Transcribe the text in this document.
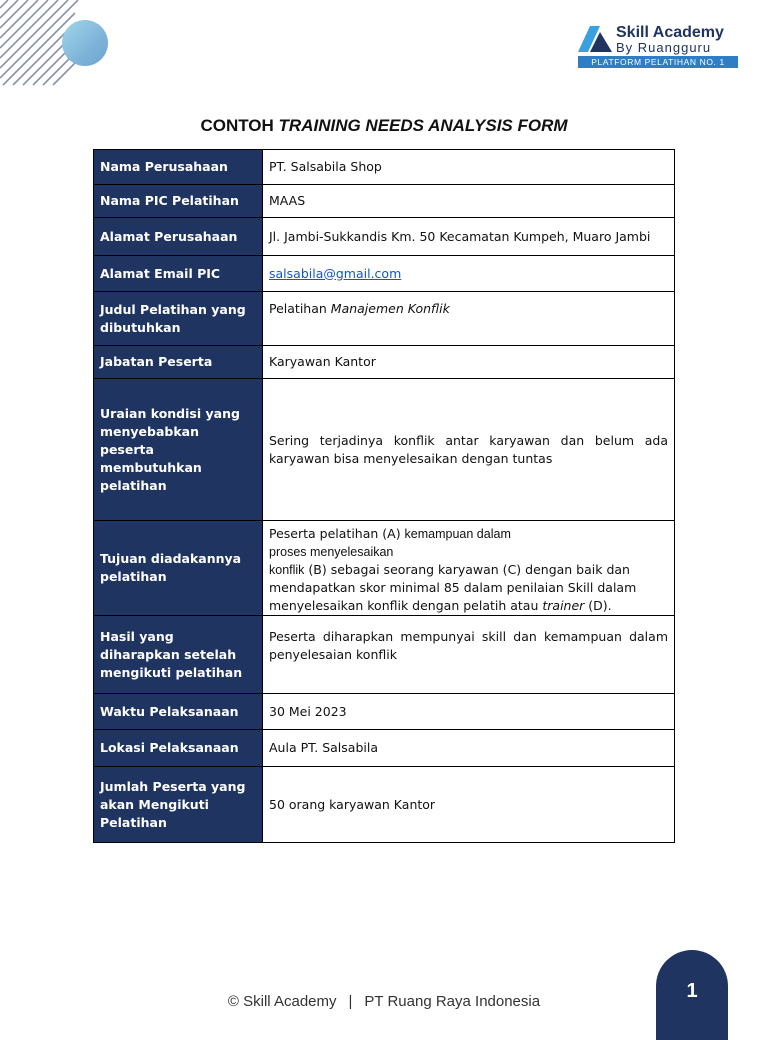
Skill Academy
By Ruangguru
PLATFORM PELATIHAN NO. 1
CONTOH TRAINING NEEDS ANALYSIS FORM
Nama Perusahaan	PT. Salsabila Shop
Nama PIC Pelatihan	MAAS
Alamat Perusahaan	Jl. Jambi-Sukkandis Km. 50 Kecamatan Kumpeh, Muaro Jambi
Alamat Email PIC	salsabila@gmail.com
Judul Pelatihan yang dibutuhkan	Pelatihan Manajemen Konflik
Jabatan Peserta	Karyawan Kantor
Uraian kondisi yang menyebabkan peserta membutuhkan pelatihan	Sering terjadinya konflik antar karyawan dan belum ada karyawan bisa menyelesaikan dengan tuntas
Tujuan diadakannya pelatihan	Peserta pelatihan (A) kemampuan dalam
proses menyelesaikan
konflik (B) sebagai seorang karyawan (C) dengan baik dan mendapatkan skor minimal 85 dalam penilaian Skill dalam menyelesaikan konflik dengan pelatih atau trainer (D).
Hasil yang diharapkan setelah mengikuti pelatihan	Peserta diharapkan mempunyai skill dan kemampuan dalam penyelesaian konflik
Waktu Pelaksanaan	30 Mei 2023
Lokasi Pelaksanaan	Aula PT. Salsabila
Jumlah Peserta yang akan Mengikuti Pelatihan	50 orang karyawan Kantor
© Skill Academy | PT Ruang Raya Indonesia	1
